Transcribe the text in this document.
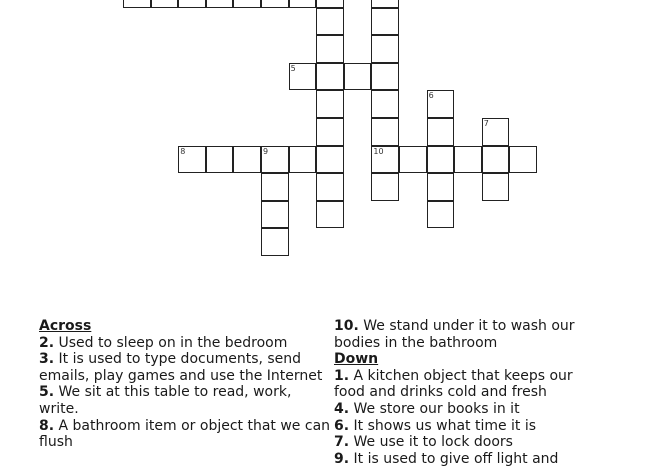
5
6
7
8	9	10
Across
2. Used to sleep on in the bedroom
3. It is used to type documents, send emails, play games and use the Internet
5. We sit at this table to read, work, write.
8. A bathroom item or object that we can flush
10. We stand under it to wash our bodies in the bathroom
Down
1. A kitchen object that keeps our food and drinks cold and fresh
4. We store our books in it
6. It shows us what time it is
7. We use it to lock doors
9. It is used to give off light and
